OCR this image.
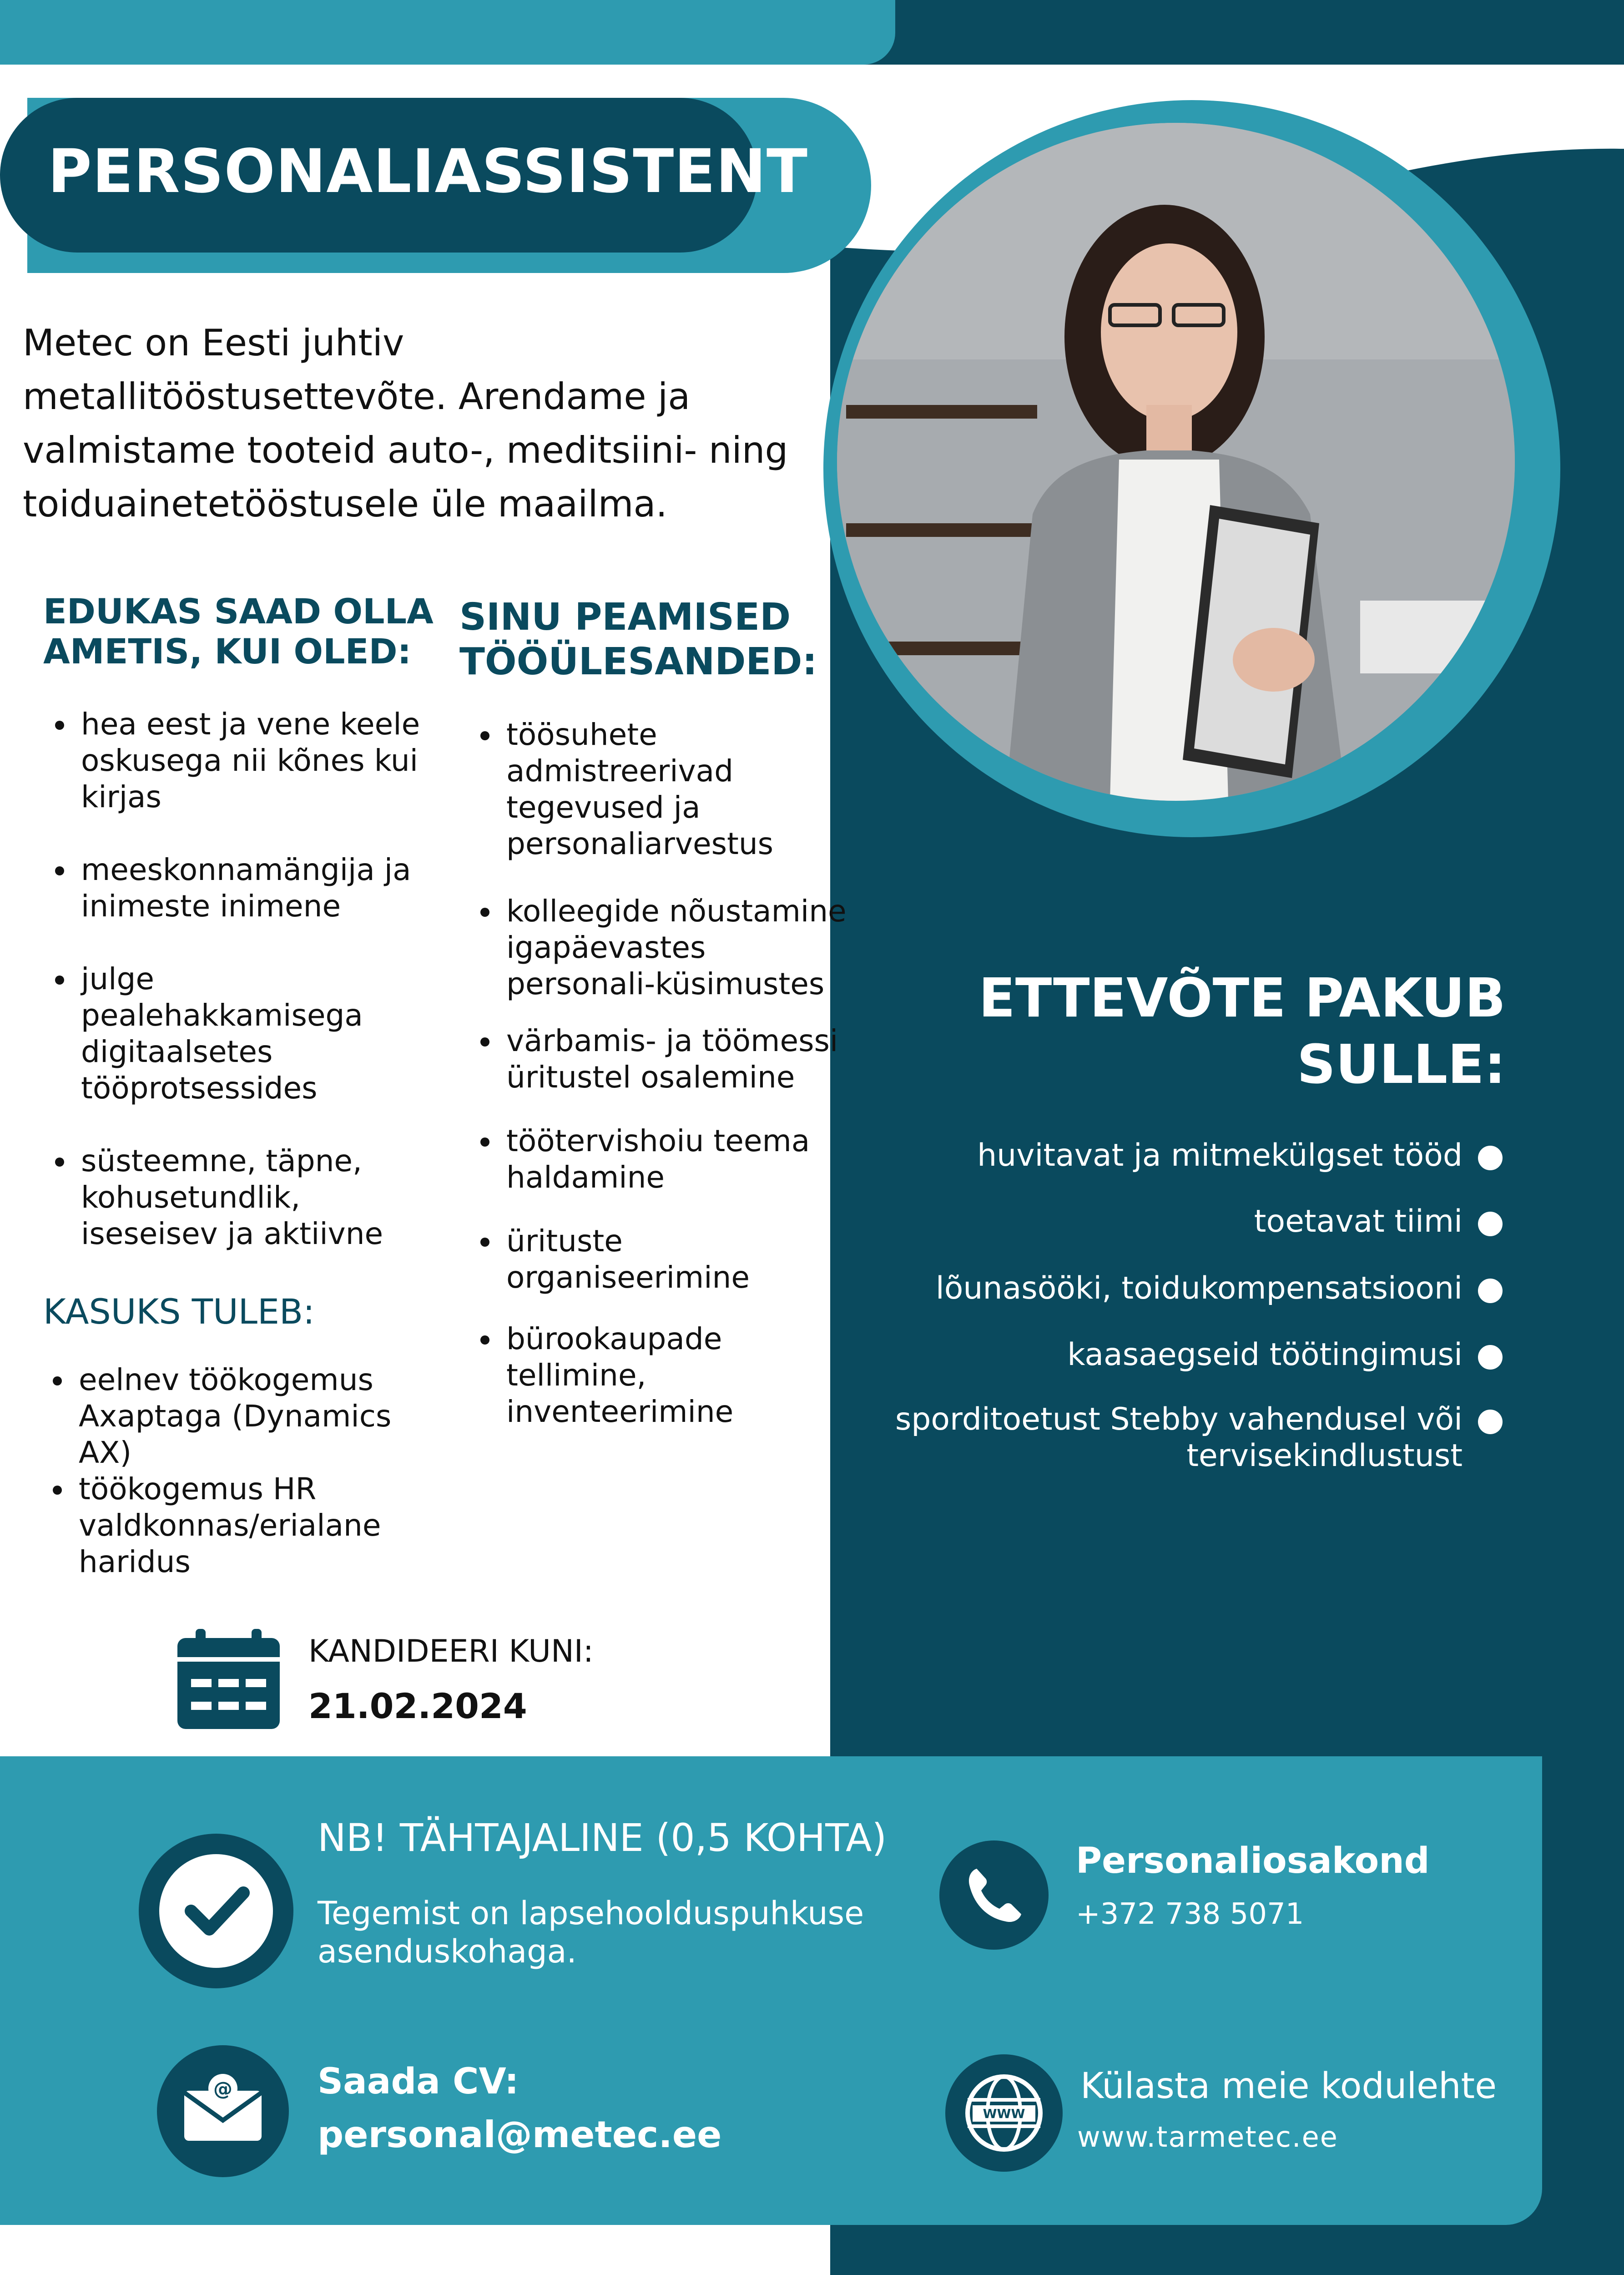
PERSONALIASSISTENT
Metec on Eesti juhtiv metallitööstusettevõte. Arendame ja valmistame tooteid auto-, meditsiini- ning toiduainetetööstusele üle maailma.
EDUKAS SAAD OLLA
AMETIS, KUI OLED:
• hea eest ja vene keele oskusega nii kõnes kui kirjas
• meeskonnamängija ja inimeste inimene
• julge pealehakkamisega digitaalsetes tööprotsessides
• süsteemne, täpne, kohusetundlik, iseseisev ja aktiivne
KASUKS TULEB:
• eelnev töökogemus Axaptaga (Dynamics AX)
• töökogemus HR valdkonnas/erialane haridus
SINU PEAMISED
TÖÖÜLESANDED:
• töösuhete admistreerivad tegevused ja personaliarvestus
• kolleegide nõustamine igapäevastes personali-küsimustes
• värbamis- ja töömessi üritustel osalemine
• töötervishoiu teema haldamine
• ürituste organiseerimine
• bürookaupade tellimine, inventeerimine
ETTEVÕTE PAKUB
SULLE:
huvitavat ja mitmekülgset tööd
toetavat tiimi
lõunasööki, toidukompensatsiooni
kaasaegseid töötingimusi
sporditoetust Stebby vahendusel või tervisekindlustust
KANDIDEERI KUNI:
21.02.2024
NB! TÄHTAJALINE (0,5 KOHTA)
Tegemist on lapsehoolduspuhkuse asenduskohaga.
Personaliosakond
+372 738 5071
@ Saada CV:
personal@metec.ee	WWW
Külasta meie kodulehte
www.tarmetec.ee
